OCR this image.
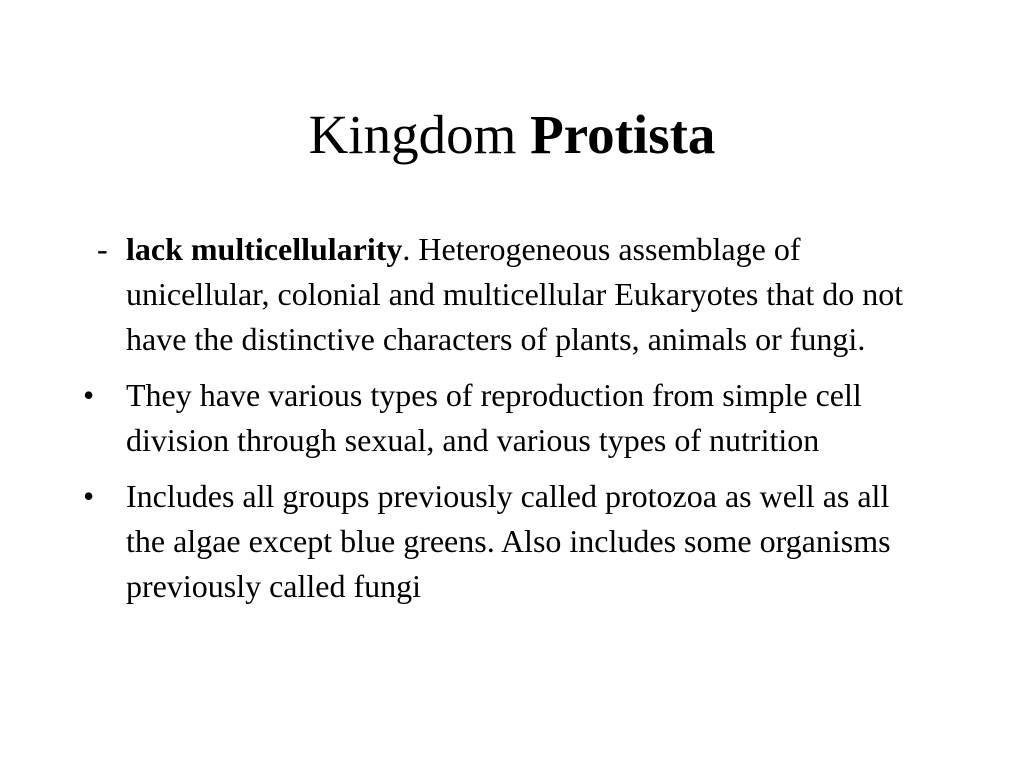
Kingdom Protista
- lack multicellularity. Heterogeneous assemblage of unicellular, colonial and multicellular Eukaryotes that do not have the distinctive characters of plants, animals or fungi.
• They have various types of reproduction from simple cell division through sexual, and various types of nutrition
• Includes all groups previously called protozoa as well as all the algae except blue greens. Also includes some organisms previously called fungi
